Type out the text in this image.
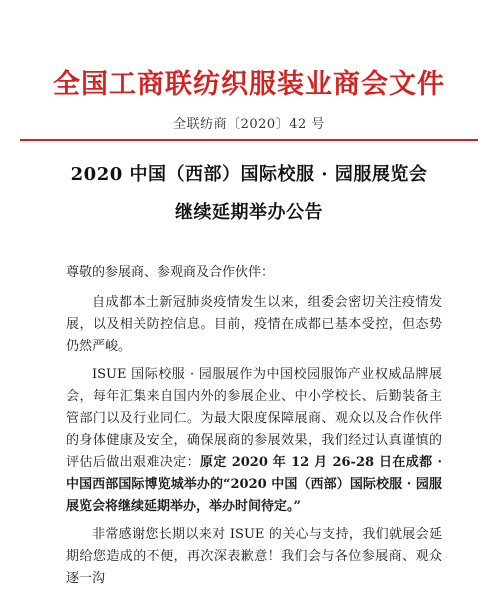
全国工商联纺织服装业商会文件
全联纺商〔2020〕42 号
2020 中国（西部）国际校服 · 园服展览会
继续延期举办公告

尊敬的参展商、参观商及合作伙伴：

自成都本土新冠肺炎疫情发生以来，组委会密切关注疫情发展，以及相关防控信息。目前，疫情在成都已基本受控，但态势仍然严峻。

ISUE 国际校服 · 园服展作为中国校园服饰产业权威品牌展会，每年汇集来自国内外的参展企业、中小学校长、后勤装备主管部门以及行业同仁。为最大限度保障展商、观众以及合作伙伴的身体健康及安全，确保展商的参展效果，我们经过认真谨慎的评估后做出艰难决定：原定 2020 年 12 月 26-28 日在成都 · 中国西部国际博览城举办的“2020 中国（西部）国际校服 · 园服展览会将继续延期举办，举办时间待定。”

非常感谢您长期以来对 ISUE 的关心与支持，我们就展会延期给您造成的不便，再次深表歉意！我们会与各位参展商、观众逐一沟
